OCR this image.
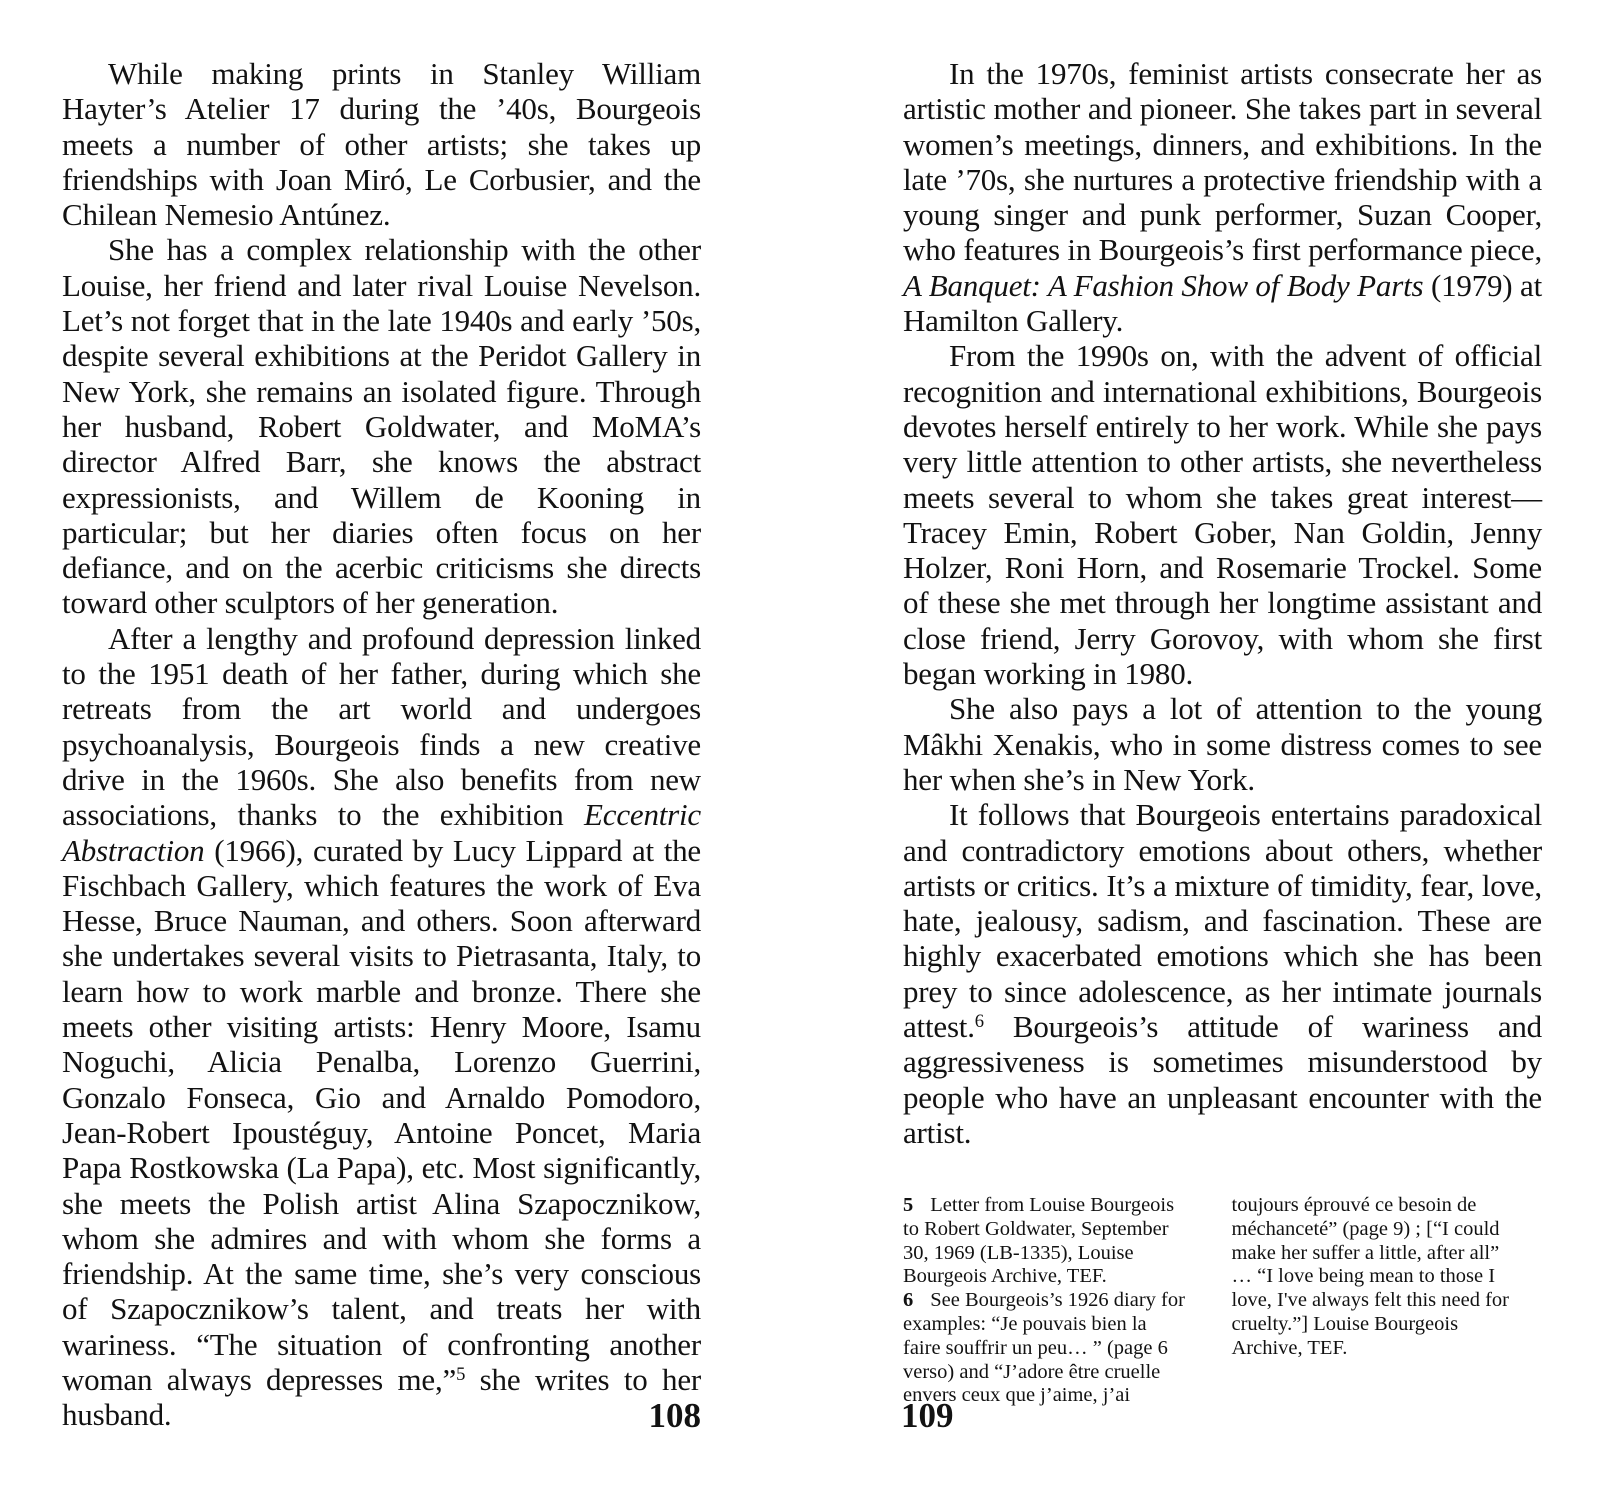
While making prints in Stanley William Hayter’s Atelier 17 during the ’40s, Bourgeois meets a number of other artists; she takes up friendships with Joan Miró, Le Corbusier, and the Chilean Nemesio Antúnez.

She has a complex relationship with the other Louise, her friend and later rival Louise Nevelson. Let’s not forget that in the late 1940s and early ’50s, despite several exhibitions at the Peridot Gallery in New York, she remains an isolated figure. Through her husband, Robert Goldwater, and MoMA’s director Alfred Barr, she knows the abstract expressionists, and Willem de Kooning in particular; but her diaries often focus on her defiance, and on the acerbic criticisms she directs toward other sculptors of her generation.

After a lengthy and profound depression linked to the 1951 death of her father, during which she retreats from the art world and undergoes psychoanalysis, Bourgeois finds a new creative drive in the 1960s. She also benefits from new associations, thanks to the exhibition Eccentric Abstraction (1966), curated by Lucy Lippard at the Fischbach Gallery, which features the work of Eva Hesse, Bruce Nauman, and others. Soon afterward she undertakes several visits to Pietrasanta, Italy, to learn how to work marble and bronze. There she meets other visiting artists: Henry Moore, Isamu Noguchi, Alicia Penalba, Lorenzo Guerrini, Gonzalo Fonseca, Gio and Arnaldo Pomodoro, Jean-Robert Ipoustéguy, Antoine Poncet, Maria Papa Rostkowska (La Papa), etc. Most significantly, she meets the Polish artist Alina Szapocznikow, whom she admires and with whom she forms a friendship. At the same time, she’s very conscious of Szapocznikow’s talent, and treats her with wariness. “The situation of confronting another woman always depresses me,”$^5$ she writes to her husband.

In the 1970s, feminist artists consecrate her as artistic mother and pioneer. She takes part in several women’s meetings, dinners, and exhibitions. In the late ’70s, she nurtures a protective friendship with a young singer and punk performer, Suzan Cooper, who features in Bourgeois’s first performance piece, A Banquet: A Fashion Show of Body Parts (1979) at Hamilton Gallery.

From the 1990s on, with the advent of official recognition and international exhibitions, Bourgeois devotes herself entirely to her work. While she pays very little attention to other artists, she nevertheless meets several to whom she takes great interest—Tracey Emin, Robert Gober, Nan Goldin, Jenny Holzer, Roni Horn, and Rosemarie Trockel. Some of these she met through her longtime assistant and close friend, Jerry Gorovoy, with whom she first began working in 1980.

She also pays a lot of attention to the young Mâkhi Xenakis, who in some distress comes to see her when she’s in New York.

It follows that Bourgeois entertains paradoxical and contradictory emotions about others, whether artists or critics. It’s a mixture of timidity, fear, love, hate, jealousy, sadism, and fascination. These are highly exacerbated emotions which she has been prey to since adolescence, as her intimate journals attest.$^6$ Bourgeois’s attitude of wariness and aggressiveness is sometimes misunderstood by people who have an unpleasant encounter with the artist.

5 Letter from Louise Bourgeois to Robert Goldwater, September 30, 1969 (LB-1335), Louise Bourgeois Archive, TEF.

6 See Bourgeois’s 1926 diary for examples: “Je pouvais bien la faire souffrir un peu… ” (page 6 verso) and “J’adore être cruelle envers ceux que j’aime, j’ai toujours éprouvé ce besoin de méchanceté” (page 9) ; [“I could make her suffer a little, after all” … “I love being mean to those I love, I've always felt this need for cruelty.”] Louise Bourgeois Archive, TEF.

108	109
